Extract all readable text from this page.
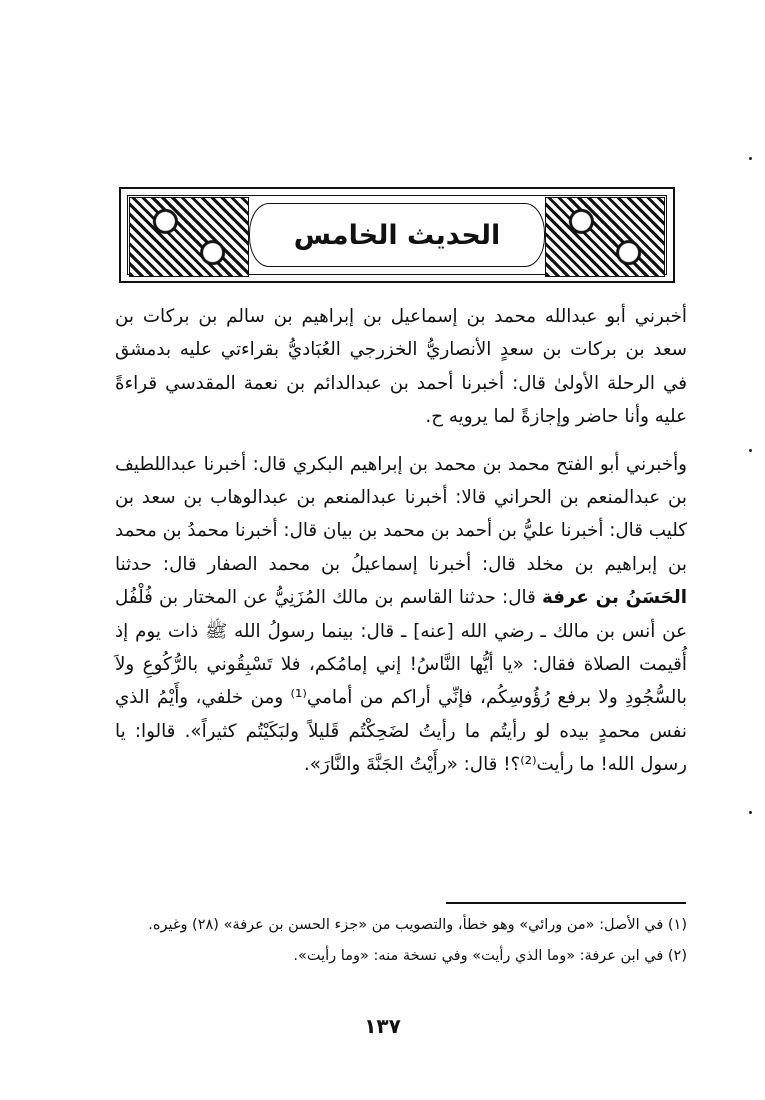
الحديث الخامس

أخبرني أبو عبدالله محمد بن إسماعيل بن إبراهيم بن سالم بن بركات بن سعد بن بركات بن سعدٍ الأنصاريُّ الخزرجي العُبَاديُّ بقراءتي عليه بدمشق في الرحلة الأولىٰ قال: أخبرنا أحمد بن عبدالدائم بن نعمة المقدسي قراءةً عليه وأنا حاضر وإجازةً لما يرويه ح.

وأخبرني أبو الفتح محمد بن محمد بن إبراهيم البكري قال: أخبرنا عبداللطيف بن عبدالمنعم بن الحراني قالا: أخبرنا عبدالمنعم بن عبدالوهاب بن سعد بن كليب قال: أخبرنا عليُّ بن أحمد بن محمد بن بيان قال: أخبرنا محمدُ بن محمد بن إبراهيم بن مخلد قال: أخبرنا إسماعيلُ بن محمد الصفار قال: حدثنا الحَسَنُ بن عرفة قال: حدثنا القاسم بن مالك المُزَنِيُّ عن المختار بن فُلْفُل عن أنس بن مالك ـ رضي الله [عنه] ـ قال: بينما رسولُ الله ﷺ ذات يوم إذ أُقيمت الصلاة فقال: «يا أيُّها النَّاسُ! إني إمامُكم، فلا تَسْبِقُوني بالرُّكُوعِ ولاَ بالسُّجُودِ ولا برفع رُؤُوسِكُم، فإنِّي أراكم من أمامي⁽¹⁾ ومن خلفي، وأَيْمُ الذي نفس محمدٍ بيده لو رأيتُم ما رأيتُ لضَحِكْتُم قَليلاً ولبَكَيْتُم كثيراً». قالوا: يا رسول الله! ما رأيت⁽²⁾؟! قال: «رأَيْتُ الجَنَّةَ والنَّارَ».

(١) في الأصل: «من ورائي» وهو خطأ، والتصويب من «جزء الحسن بن عرفة» (٢٨) وغيره.

(٢) في ابن عرفة: «وما الذي رأيت» وفي نسخة منه: «وما رأيت».

١٣٧
